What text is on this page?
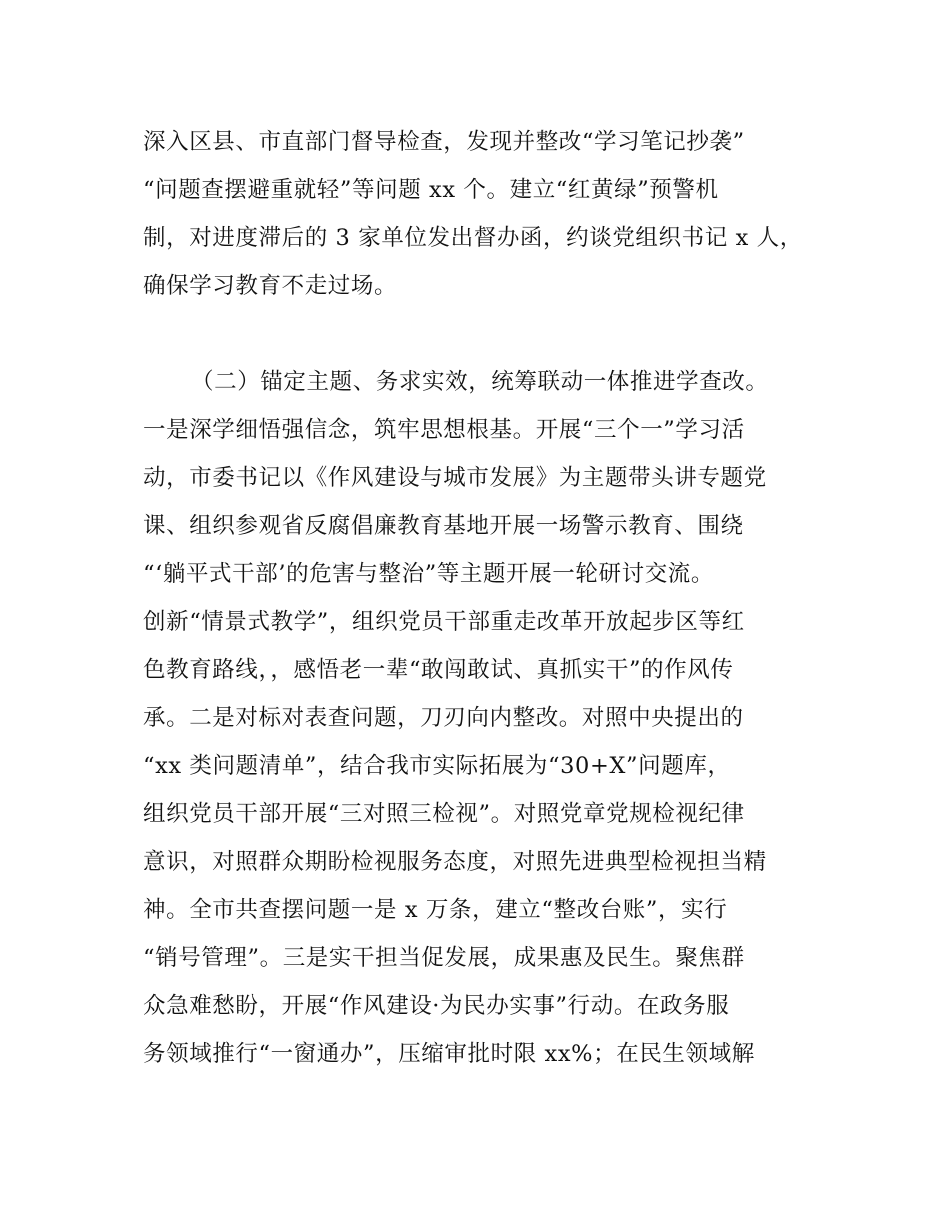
深入区县、市直部门督导检查，发现并整改“学习笔记抄袭”
“问题查摆避重就轻”等问题 xx 个。建立“红黄绿”预警机
制，对进度滞后的 3 家单位发出督办函，约谈党组织书记 x 人，
确保学习教育不走过场。
（二）锚定主题、务求实效，统筹联动一体推进学查改。
一是深学细悟强信念，筑牢思想根基。开展“三个一”学习活
动，市委书记以《作风建设与城市发展》为主题带头讲专题党
课、组织参观省反腐倡廉教育基地开展一场警示教育、围绕
“‘躺平式干部’的危害与整治”等主题开展一轮研讨交流。
创新“情景式教学”，组织党员干部重走改革开放起步区等红
色教育路线，，感悟老一辈“敢闯敢试、真抓实干”的作风传
承。二是对标对表查问题，刀刃向内整改。对照中央提出的
“xx 类问题清单”，结合我市实际拓展为“30+X”问题库，
组织党员干部开展“三对照三检视”。对照党章党规检视纪律
意识，对照群众期盼检视服务态度，对照先进典型检视担当精
神。全市共查摆问题一是 x 万条，建立“整改台账”，实行
“销号管理”。三是实干担当促发展，成果惠及民生。聚焦群
众急难愁盼，开展“作风建设·为民办实事”行动。在政务服
务领域推行“一窗通办”，压缩审批时限 xx%；在民生领域解
